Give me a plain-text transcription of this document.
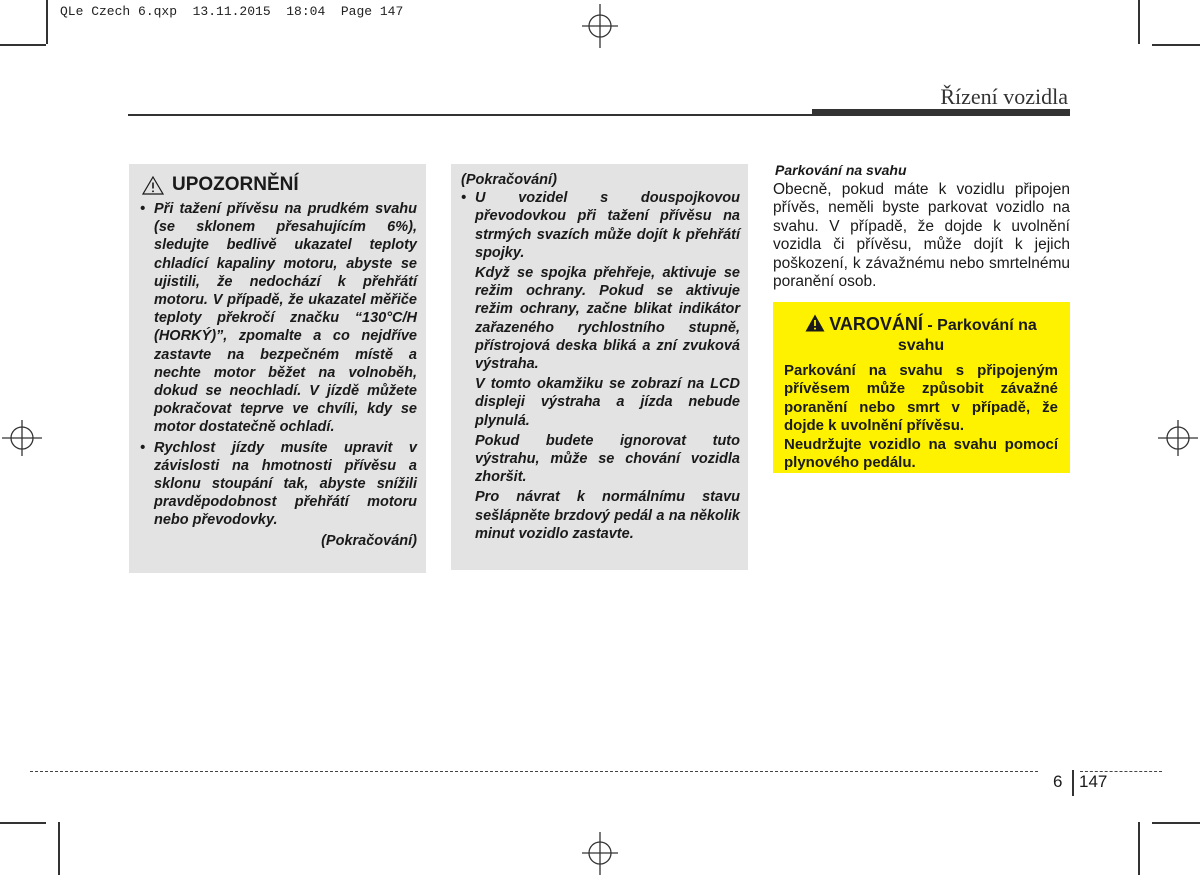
QLe Czech 6.qxp  13.11.2015  18:04  Page 147
Řízení vozidla
UPOZORNĚNÍ
• Při tažení přívěsu na prudkém svahu (se sklonem přesahujícím 6%), sledujte bedlivě ukazatel teploty chladící kapaliny motoru, abyste se ujistili, že nedochází k přehřátí motoru. V případě, že ukazatel měřiče teploty překročí značku “130°C/H (HORKÝ)”, zpomalte a co nejdříve zastavte na bezpečném místě a nechte motor běžet na volnoběh, dokud se neochladí. V jízdě můžete pokračovat teprve ve chvíli, kdy se motor dostatečně ochladí.
• Rychlost jízdy musíte upravit v závislosti na hmotnosti přívěsu a sklonu stoupání tak, abyste snížili pravděpodobnost přehřátí motoru nebo převodovky.
(Pokračování)
(Pokračování)
• U vozidel s douspojkovou převodovkou při tažení přívěsu na strmých svazích může dojít k přehřátí spojky.
Když se spojka přehřeje, aktivuje se režim ochrany. Pokud se aktivuje režim ochrany, začne blikat indikátor zařazeného rychlostního stupně, přístrojová deska bliká a zní zvuková výstraha.
V tomto okamžiku se zobrazí na LCD displeji výstraha a jízda nebude plynulá.
Pokud budete ignorovat tuto výstrahu, může se chování vozidla zhoršit.
Pro návrat k normálnímu stavu sešlápněte brzdový pedál a na několik minut vozidlo zastavte.
Parkování na svahu
Obecně, pokud máte k vozidlu připojen přívěs, neměli byste parkovat vozidlo na svahu. V případě, že dojde k uvolnění vozidla či přívěsu, může dojít k jejich poškození, k závažnému nebo smrtelnému poranění osob.
VAROVÁNÍ - Parkování na svahu
Parkování na svahu s připojeným přívěsem může způsobit závažné poranění nebo smrt v případě, že dojde k uvolnění přívěsu.
Neudržujte vozidlo na svahu pomocí plynového pedálu.
6 147
